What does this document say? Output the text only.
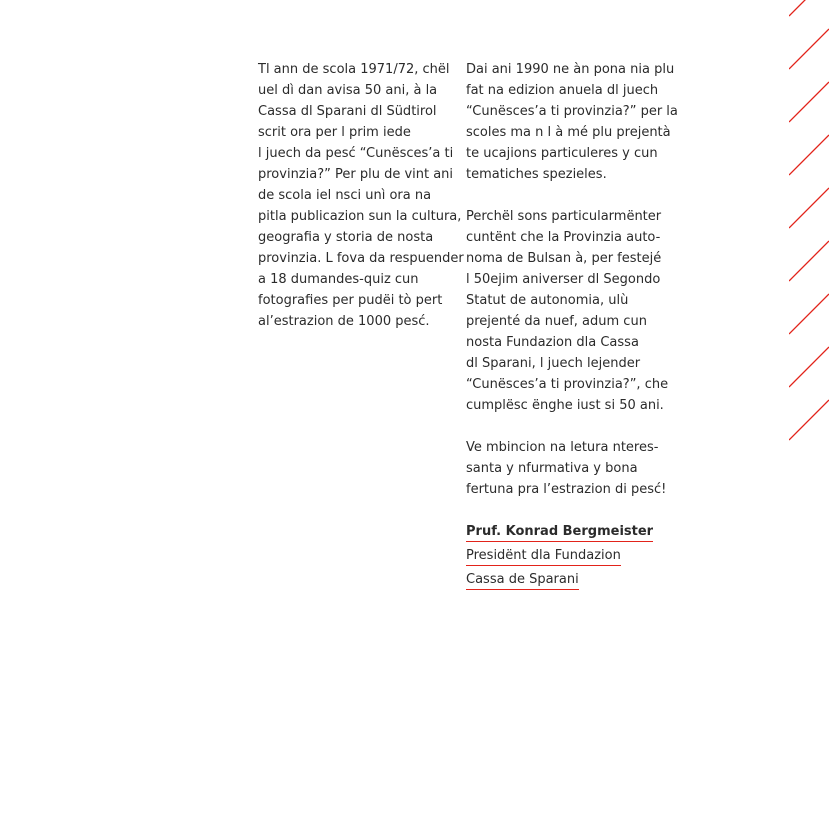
Tl ann de scola 1971/72, chël
uel dì dan avisa 50 ani, à la
Cassa dl Sparani dl Südtirol
scrit ora per l prim iede
l juech da pesć “Cunësces’a ti
provinzia?” Per plu de vint ani
de scola iel nsci unì ora na
pitla publicazion sun la cultura,
geografia y storia de nosta
provinzia. L fova da respuender
a 18 dumandes-quiz cun
fotografies per pudëi tò pert
al’estrazion de 1000 pesć.
Dai ani 1990 ne àn pona nia plu
fat na edizion anuela dl juech
“Cunësces’a ti provinzia?” per la
scoles ma n l à mé plu prejentà
te ucajions particuleres y cun
tematiches spezieles.
Perchël sons particularmënter
cuntënt che la Provinzia auto-
noma de Bulsan à, per festejé
l 50ejim aniverser dl Segondo
Statut de autonomia, ulù
prejenté da nuef, adum cun
nosta Fundazion dla Cassa
dl Sparani, l juech lejender
“Cunësces’a ti provinzia?”, che
cumplësc ënghe iust si 50 ani.
Ve mbincion na letura nteres-
santa y nfurmativa y bona
fertuna pra l’estrazion di pesć!
Pruf. Konrad Bergmeister
Presidënt dla Fundazion
Cassa de Sparani
